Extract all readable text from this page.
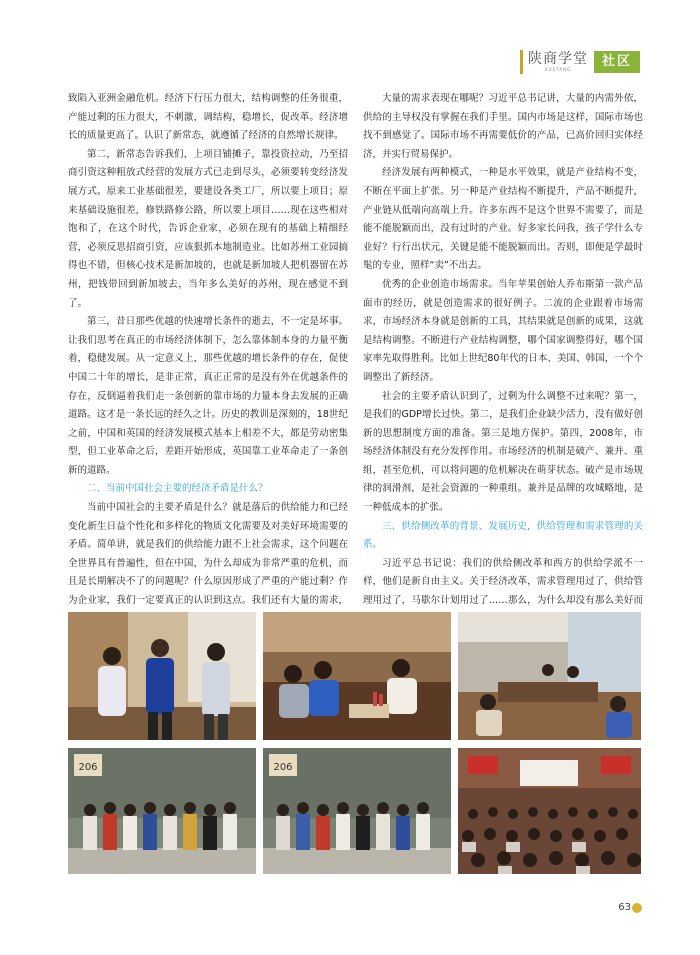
陕商学堂
XUETANG
社区

致陷入亚洲金融危机。经济下行压力很大，结构调整的任务很重，产能过剩的压力很大，不刺激，调结构，稳增长，促改革。经济增长的质量更高了。认识了新常态，就遵循了经济的自然增长规律。

第二，新常态告诉我们，上项目铺摊子，靠投资拉动，乃至招商引资这种粗放式经营的发展方式已走到尽头，必须要转变经济发展方式。原来工业基础很差，要建设各类工厂，所以要上项目；原来基础设施很差，修铁路修公路，所以要上项目……现在这些相对饱和了，在这个时代，告诉企业家，必须在现有的基础上精细经营，必须反思招商引资，应该狠抓本地制造业。比如苏州工业园搞得也不错，但核心技术是新加坡的，也就是新加坡人把机器留在苏州，把钱带回到新加坡去，当年多么美好的苏州，现在感觉不到了。

第三，昔日那些优越的快速增长条件的逝去，不一定是坏事。让我们思考在真正的市场经济体制下，怎么靠体制本身的力量平衡着，稳健发展。从一定意义上，那些优越的增长条件的存在，促使中国二十年的增长，是非正常，真正正常的是没有外在优越条件的存在，反倒逼着我们走一条创新的靠市场的力量本身去发展的正确道路。这才是一条长远的经久之计。历史的教训是深刻的，18世纪之前，中国和英国的经济发展模式基本上相差不大，都是劳动密集型，但工业革命之后，差距开始形成，英国靠工业革命走了一条创新的道路。

二、当前中国社会主要的经济矛盾是什么？

当前中国社会的主要矛盾是什么？就是落后的供给能力和已经变化新生日益个性化和多样化的物质文化需要及对美好环境需要的矛盾。简单讲，就是我们的供给能力跟不上社会需求，这个问题在全世界具有普遍性，但在中国，为什么却成为非常严重的危机，而且是长期解决不了的问题呢？什么原因形成了严重的产能过剩？作为企业家，我们一定要真正的认识到这点。我们还有大量的需求，

大量的需求表现在哪呢？习近平总书记讲，大量的内需外依，供给的主导权没有掌握在我们手里。国内市场是这样，国际市场也找不到感觉了。国际市场不再需要低价的产品，已高价回归实体经济，并实行贸易保护。

经济发展有两种模式，一种是水平效果，就是产业结构不变，不断在平面上扩张。另一种是产业结构不断提升，产品不断提升，产业链从低端向高端上升。许多东西不是这个世界不需要了，而是能不能脱颖而出，没有过时的产业。好多家长问我，孩子学什么专业好？行行出状元，关键是能不能脱颖而出。否则，即便是学最时髦的专业，照样“卖”不出去。

优秀的企业创造市场需求。当年苹果创始人乔布斯第一款产品面市的经历，就是创造需求的很好例子。二流的企业跟着市场需求，市场经济本身就是创新的工具，其结果就是创新的成果，这就是结构调整。不断进行产业结构调整，哪个国家调整得好，哪个国家率先取得胜利。比如上世纪80年代的日本、美国、韩国，一个个调整出了新经济。

社会的主要矛盾认识到了，过剩为什么调整不过来呢？第一，是我们的GDP增长过快。第二，是我们企业缺少活力，没有做好创新的思想制度方面的准备。第三是地方保护。第四，2008年，市场经济体制没有充分发挥作用。市场经济的机制是破产、兼并、重组，甚至危机，可以将问题的危机解决在萌芽状态。破产是市场规律的润滑剂，是社会资源的一种重组。兼并是品牌的攻城略地，是一种低成本的扩张。

三、供给侧改革的背景、发展历史，供给管理和需求管理的关系。

习近平总书记说：我们的供给侧改革和西方的供给学派不一样，他们是新自由主义。关于经济改革，需求管理用过了，供给管理用过了，马歇尔计划用过了……那么，为什么却没有那么美好而

206	206
63
